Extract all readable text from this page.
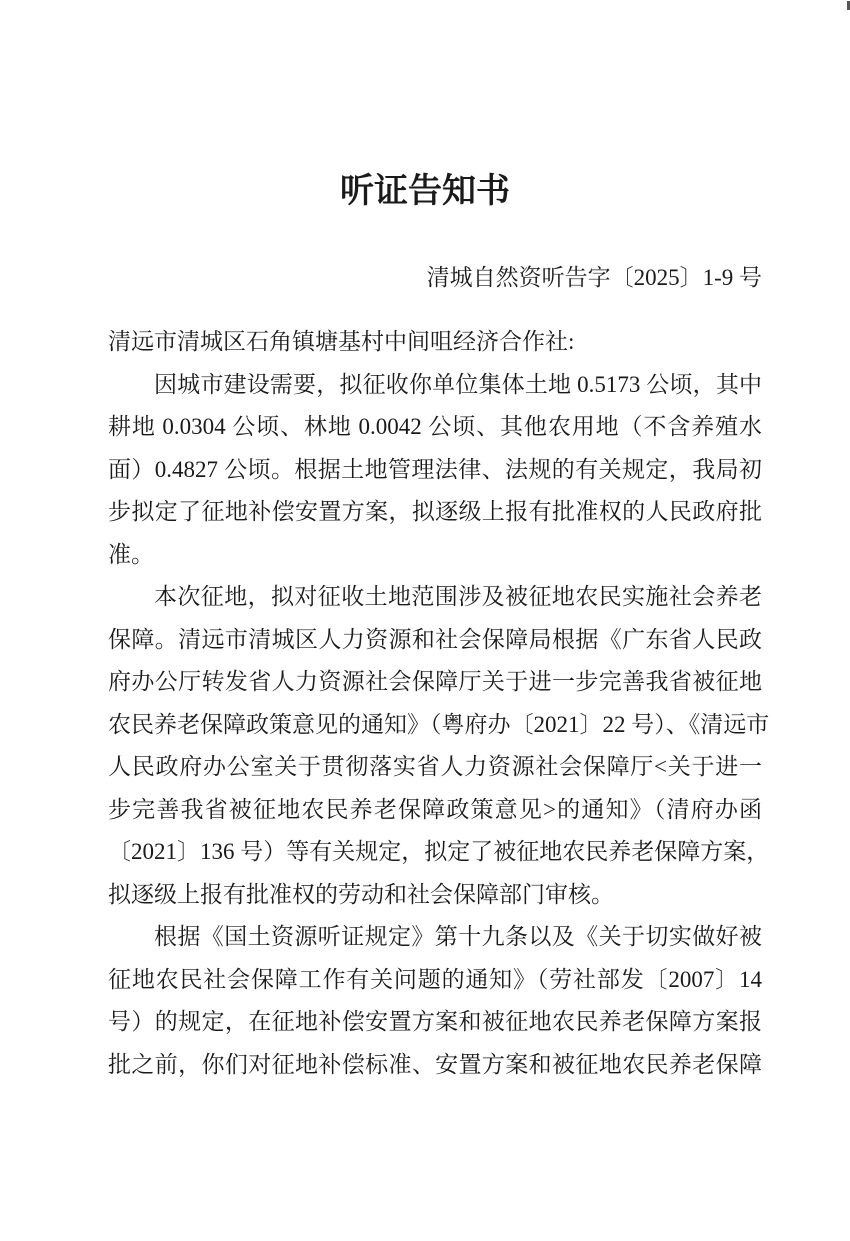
听证告知书
清城自然资听告字〔2025〕1-9 号
清远市清城区石角镇塘基村中间咀经济合作社:
因城市建设需要，拟征收你单位集体土地 0.5173 公顷，其中
耕地 0.0304 公顷、林地 0.0042 公顷、其他农用地（不含养殖水
面）0.4827 公顷。根据土地管理法律、法规的有关规定，我局初
步拟定了征地补偿安置方案，拟逐级上报有批准权的人民政府批
准。
本次征地，拟对征收土地范围涉及被征地农民实施社会养老
保障。清远市清城区人力资源和社会保障局根据《广东省人民政
府办公厅转发省人力资源社会保障厅关于进一步完善我省被征地
农民养老保障政策意见的通知》（粤府办〔2021〕22 号）、《清远市
人民政府办公室关于贯彻落实省人力资源社会保障厅<关于进一
步完善我省被征地农民养老保障政策意见>的通知》（清府办函
〔2021〕136 号）等有关规定，拟定了被征地农民养老保障方案，
拟逐级上报有批准权的劳动和社会保障部门审核。
根据《国土资源听证规定》第十九条以及《关于切实做好被
征地农民社会保障工作有关问题的通知》（劳社部发〔2007〕14
号）的规定，在征地补偿安置方案和被征地农民养老保障方案报
批之前，你们对征地补偿标准、安置方案和被征地农民养老保障
